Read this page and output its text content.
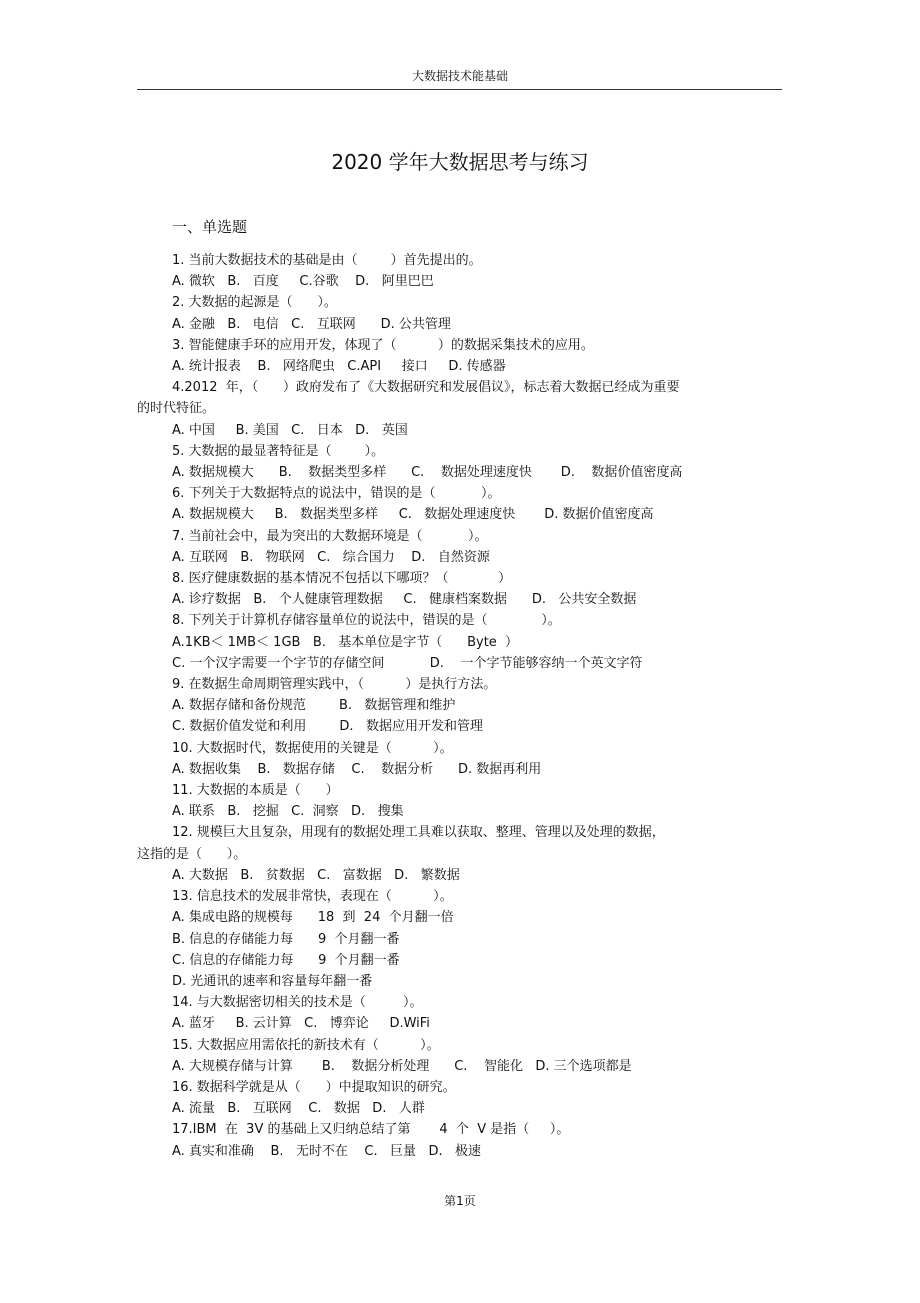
大数据技术能基础
2020 学年大数据思考与练习
一、单选题
1. 当前大数据技术的基础是由（        ）首先提出的。
A. 微软   B.   百度     C.谷歌    D.   阿里巴巴
2. 大数据的起源是（      ）。
A. 金融   B.   电信   C.   互联网      D. 公共管理
3. 智能健康手环的应用开发，体现了（          ）的数据采集技术的应用。
A. 统计报表    B.   网络爬虫   C.API     接口     D. 传感器
4.2012  年，（      ）政府发布了《大数据研究和发展倡议》，标志着大数据已经成为重要
的时代特征。
A. 中国     B. 美国   C.   日本   D.   英国
5. 大数据的最显著特征是（        ）。
A. 数据规模大      B.    数据类型多样      C.    数据处理速度快       D.    数据价值密度高
6. 下列关于大数据特点的说法中，错误的是（           ）。
A. 数据规模大     B.   数据类型多样     C.   数据处理速度快       D. 数据价值密度高
7. 当前社会中，最为突出的大数据环境是（           ）。
A. 互联网   B.   物联网   C.   综合国力    D.   自然资源
8. 医疗健康数据的基本情况不包括以下哪项？（            ）
A. 诊疗数据   B.   个人健康管理数据     C.   健康档案数据      D.   公共安全数据
8. 下列关于计算机存储容量单位的说法中，错误的是（             ）。
A.1KB＜ 1MB＜ 1GB   B.   基本单位是字节（      Byte  ）
C. 一个汉字需要一个字节的存储空间           D.    一个字节能够容纳一个英文字符
9. 在数据生命周期管理实践中，（          ）是执行方法。
A. 数据存储和备份规范        B.   数据管理和维护
C. 数据价值发觉和利用        D.   数据应用开发和管理
10. 大数据时代，数据使用的关键是（          ）。
A. 数据收集    B.   数据存储    C.    数据分析      D. 数据再利用
11. 大数据的本质是（      ）
A. 联系   B.   挖掘   C.  洞察   D.   搜集
12. 规模巨大且复杂，用现有的数据处理工具难以获取、整理、管理以及处理的数据，
这指的是（      ）。
A. 大数据   B.   贫数据   C.   富数据   D.   繁数据
13. 信息技术的发展非常快，表现在（          ）。
A. 集成电路的规模每      18  到  24  个月翻一倍
B. 信息的存储能力每      9  个月翻一番
C. 信息的存储能力每      9  个月翻一番
D. 光通讯的速率和容量每年翻一番
14. 与大数据密切相关的技术是（         ）。
A. 蓝牙     B. 云计算   C.   博弈论     D.WiFi
15. 大数据应用需依托的新技术有（          ）。
A. 大规模存储与计算       B.    数据分析处理      C.    智能化   D. 三个选项都是
16. 数据科学就是从（      ）中提取知识的研究。
A. 流量   B.   互联网    C.   数据   D.   人群
17.IBM  在  3V 的基础上又归纳总结了第       4  个  V 是指（     ）。
A. 真实和准确    B.   无时不在    C.   巨量   D.   极速
第1页
